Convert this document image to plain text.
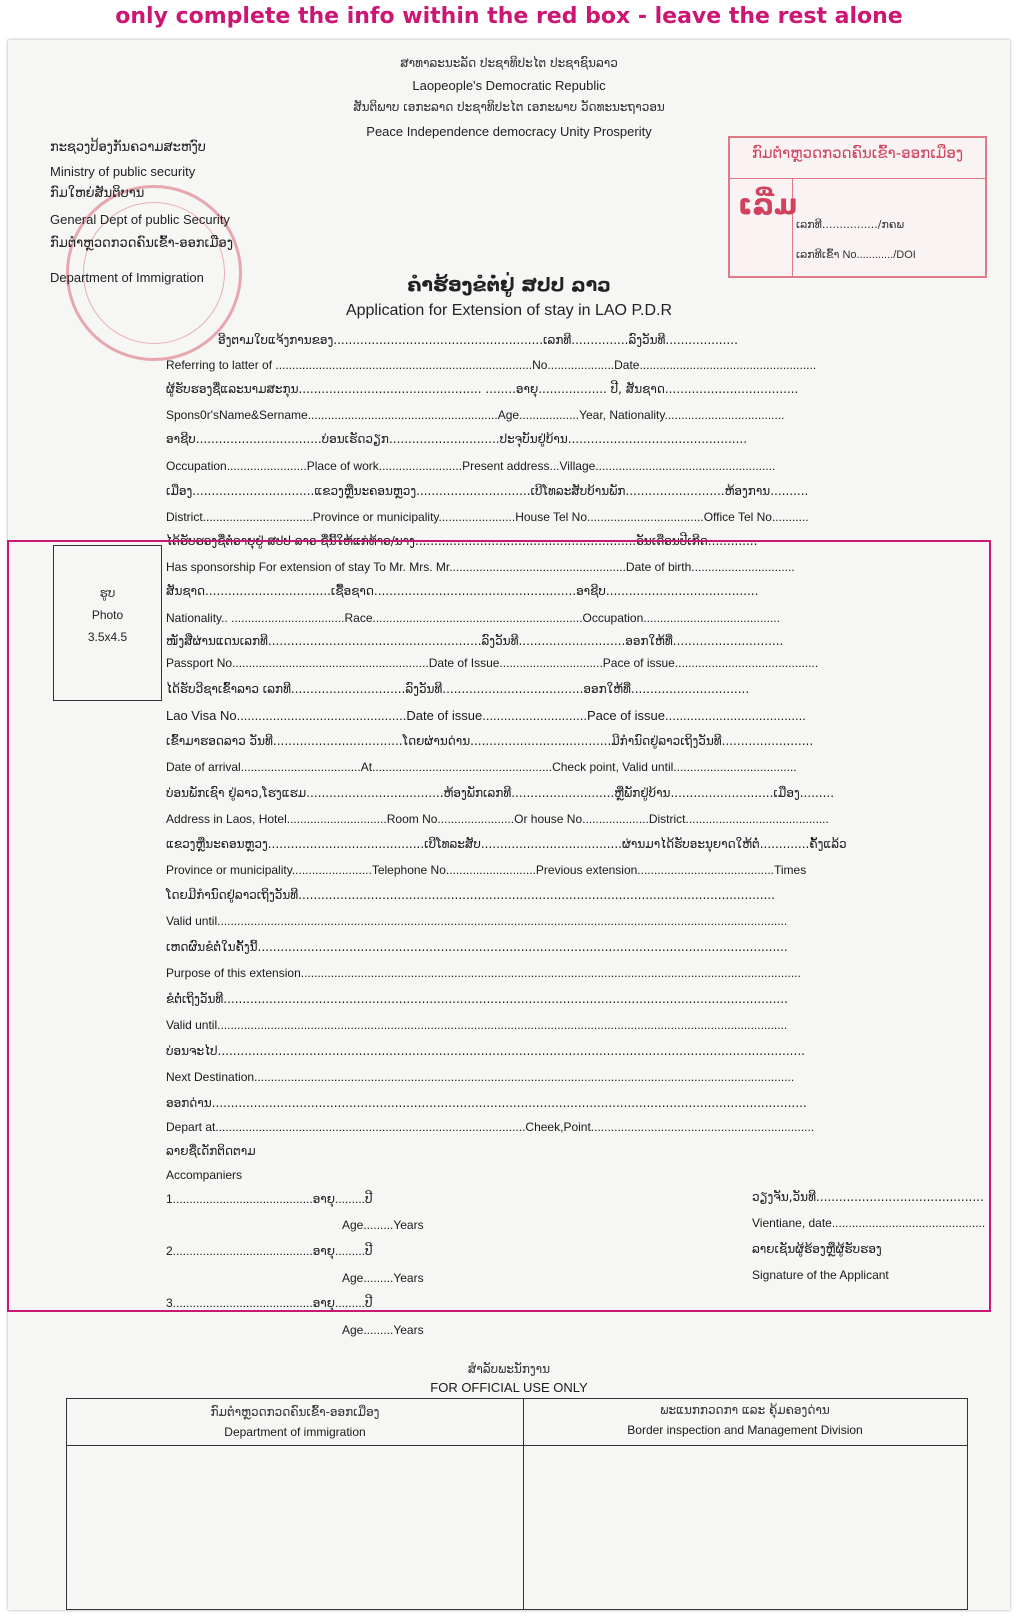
only complete the info within the red box - leave the rest alone
ສາທາລະນະລັດ ປະຊາທິປະໄຕ ປະຊາຊົນລາວ
Laopeople's Democratic Republic
ສັນຕິພາບ ເອກະລາດ ປະຊາທິປະໄຕ ເອກະພາບ ວັດທະນະຖາວອນ
Peace Independence democracy Unity Prosperity
ກະຊວງປ້ອງກັນຄວາມສະຫງົບ
Ministry of public security
ກົມໃຫຍ່ສັນຕິບານ
General Dept of public Security
ກົມຕຳຫຼວດກວດຄົນເຂົ້າ-ອອກເມືອງ
Department of Immigration
ກົມຕຳຫຼວດກວດຄົນເຂົ້າ-ອອກເມືອງ
ເລີ່ມ
ເລກທີ................/ກຄພ
ເລກທີເຂົ້າ No............/DOI
ຄຳຮ້ອງຂໍຕໍ່ຢູ່ ສປປ ລາວ
Application for Extension of stay in LAO P.D.R
ອີງຕາມໃບແຈ້ງການຂອງ.......................................................ເລກທີ...............ລົງວັນທີ...................
Referring to latter of .............................................................................No....................Date.....................................................
ຜູ້ຮັບຮອງຊື່ແລະນາມສະກຸນ................................................ ........ອາຍຸ.................. ປີ, ສັນຊາດ...................................
Spons0r'sName&Sername.........................................................Age..................Year, Nationality....................................
ອາຊີບ.................................ບ່ອນເຮັດວຽກ.............................ປະຈຸບັນຢູ່ບ້ານ...............................................
Occupation........................Place of work.........................Present address...Village......................................................
ເມືອງ................................ແຂວງຫຼືນະຄອນຫຼວງ..............................ເບີໂທລະສັບບ້ານພັກ..........................ຫ້ອງການ..........
District.................................Province or municipality.......................House Tel No...................................Office Tel No...........
ໄດ້ຮັບຮອງຊື່ຕໍ່ອາຍຸຢູ່ ສປປ ລາວ ຊື່ນີ້ໃຫ້ແກ່ທ້າວ/ນາງ..........................................................ວັນເດືອນປີເກີດ.............
ຮູບ
Photo
3.5x4.5
Has sponsorship For extension of stay To Mr. Mrs. Mr.....................................................Date of birth...............................
ສັນຊາດ.................................ເຊື້ອຊາດ.....................................................ອາຊີບ........................................
Nationality.. ..................................Race...............................................................Occupation.........................................
ໜັງສືຜ່ານແດນເລກທີ........................................................ລົງວັນທີ............................ອອກໃຫ້ທີ່.............................
Passport No...........................................................Date of Issue...............................Pace of issue...........................................
ໄດ້ຮັບວີຊາເຂົ້າລາວ ເລກທີ..............................ລົງວັນທີ.....................................ອອກໃຫ້ທີ່...............................
Lao Visa No...............................................Date of issue.............................Pace of issue.......................................
ເຂົ້າມາຮອດລາວ ວັນທີ..................................ໂດຍຜ່ານດ່ານ.....................................ມີກຳນົດຢູ່ລາວເຖິງວັນທີ........................
Date of arrival....................................At......................................................Check point, Valid until.....................................
ບ່ອນພັກເຊົາ ຢູ່ລາວ,ໂຮງແຮມ....................................ຫ້ອງພັກເລກທີ...........................ຫຼືພັກຢູ່ບ້ານ...........................ເມືອງ.........
Address in Laos, Hotel..............................Room No.......................Or house No....................District...........................................
ແຂວງຫຼືນະຄອນຫຼວງ.........................................ເບີໂທລະສັບ.....................................ຜ່ານມາໄດ້ຮັບອະນຸຍາດໃຫ້ຕໍ່.............ຄັ້ງແລ້ວ
Province or municipality........................Telephone No...........................Previous extension.........................................Times
ໂດຍມີກຳນົດຢູ່ລາວເຖິງວັນທີ.............................................................................................................................
Valid until...........................................................................................................................................................................
ເຫດຜົນຂໍຕໍ່ໃນຄັ້ງນີ້...........................................................................................................................................
Purpose of this extension......................................................................................................................................................
ຂໍຕໍ່ເຖິງວັນທີ....................................................................................................................................................
Valid until...........................................................................................................................................................................
ບ່ອນຈະໄປ..........................................................................................................................................................
Next Destination..................................................................................................................................................................
ອອກດ່ານ............................................................................................................................................................
Depart at.............................................................................................Cheek,Point...................................................................
ລາຍຊື່ເດັກຕິດຕາມ
Accompaniers
1..........................................ອາຍຸ.........ປີ
Age.........Years
2..........................................ອາຍຸ.........ປີ
Age.........Years
3..........................................ອາຍຸ.........ປີ
Age.........Years
ວຽງຈັນ,ວັນທີ............................................
Vientiane, date..............................................
ລາຍເຊັນຜູ້ຮ້ອງຫຼືຜູ້ຮັບຮອງ
Signature of the Applicant
ສຳລັບພະນັກງານ
FOR OFFICIAL USE ONLY
ກົມຕຳຫຼວດກວດຄົນເຂົ້າ-ອອກເມືອງ
Department of immigration
ພະແນກກວດກາ ແລະ ຄຸ້ມຄອງດ່ານ
Border inspection and Management Division
